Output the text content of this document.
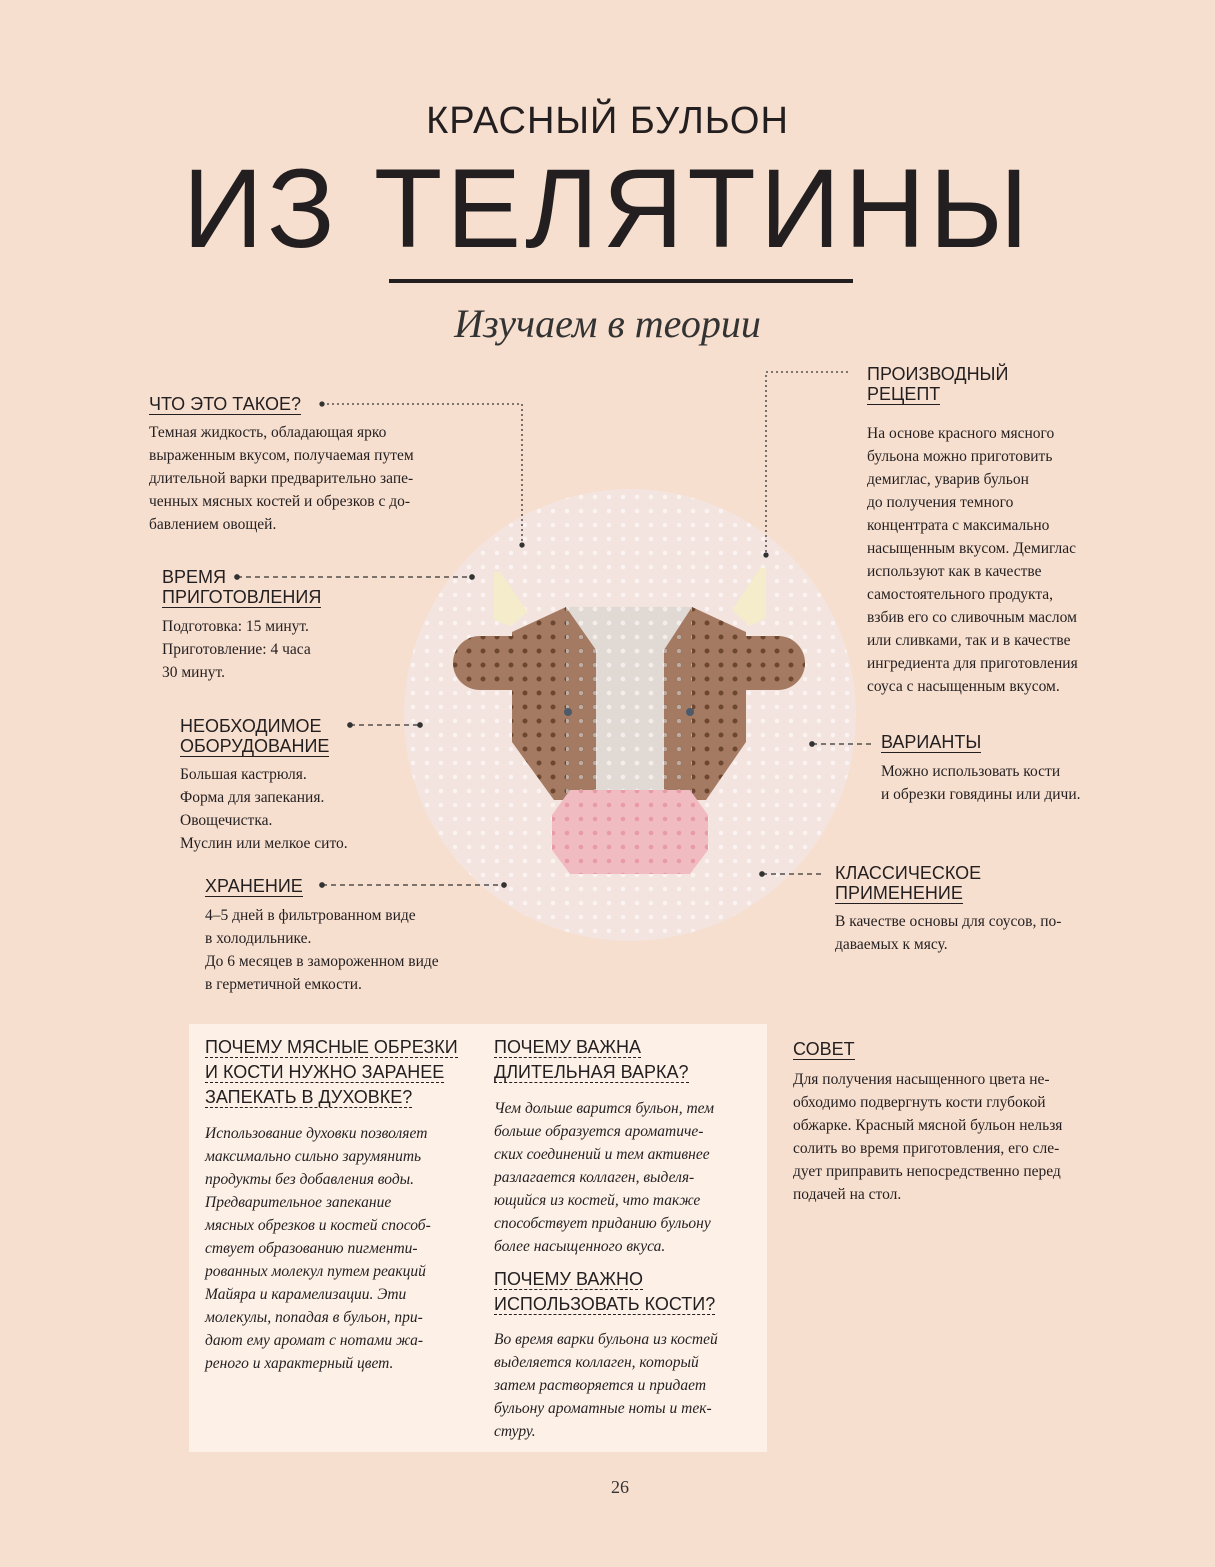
КРАСНЫЙ БУЛЬОН
ИЗ ТЕЛЯТИНЫ
Изучаем в теории
ЧТО ЭТО ТАКОЕ?
Темная жидкость, обладающая ярко
выраженным вкусом, получаемая путем
длительной варки предварительно запе-
ченных мясных костей и обрезков с до-
бавлением овощей.
ВРЕМЯ
ПРИГОТОВЛЕНИЯ
Подготовка: 15 минут.
Приготовление: 4 часа
30 минут.
НЕОБХОДИМОЕ
ОБОРУДОВАНИЕ
Большая кастрюля.
Форма для запекания.
Овощечистка.
Муслин или мелкое сито.
ХРАНЕНИЕ
4–5 дней в фильтрованном виде
в холодильнике.
До 6 месяцев в замороженном виде
в герметичной емкости.
ПРОИЗВОДНЫЙ
РЕЦЕПТ
На основе красного мясного
бульона можно приготовить
демиглас, уварив бульон
до получения темного
концентрата с максимально
насыщенным вкусом. Демиглас
используют как в качестве
самостоятельного продукта,
взбив его со сливочным маслом
или сливками, так и в качестве
ингредиента для приготовления
соуса с насыщенным вкусом.
ВАРИАНТЫ
Можно использовать кости
и обрезки говядины или дичи.
КЛАССИЧЕСКОЕ
ПРИМЕНЕНИЕ
В качестве основы для соусов, по-
даваемых к мясу.
ПОЧЕМУ МЯСНЫЕ ОБРЕЗКИ
И КОСТИ НУЖНО ЗАРАНЕЕ
ЗАПЕКАТЬ В ДУХОВКЕ?
Использование духовки позволяет
максимально сильно зарумянить
продукты без добавления воды.
Предварительное запекание
мясных обрезков и костей способ-
ствует образованию пигменти-
рованных молекул путем реакций
Майяра и карамелизации. Эти
молекулы, попадая в бульон, при-
дают ему аромат с нотами жа-
реного и характерный цвет.
ПОЧЕМУ ВАЖНА
ДЛИТЕЛЬНАЯ ВАРКА?
Чем дольше варится бульон, тем
больше образуется ароматиче-
ских соединений и тем активнее
разлагается коллаген, выделя-
ющийся из костей, что также
способствует приданию бульону
более насыщенного вкуса.
ПОЧЕМУ ВАЖНО
ИСПОЛЬЗОВАТЬ КОСТИ?
Во время варки бульона из костей
выделяется коллаген, который
затем растворяется и придает
бульону ароматные ноты и тек-
стуру.
СОВЕТ
Для получения насыщенного цвета не-
обходимо подвергнуть кости глубокой
обжарке. Красный мясной бульон нельзя
солить во время приготовления, его сле-
дует приправить непосредственно перед
подачей на стол.
26
